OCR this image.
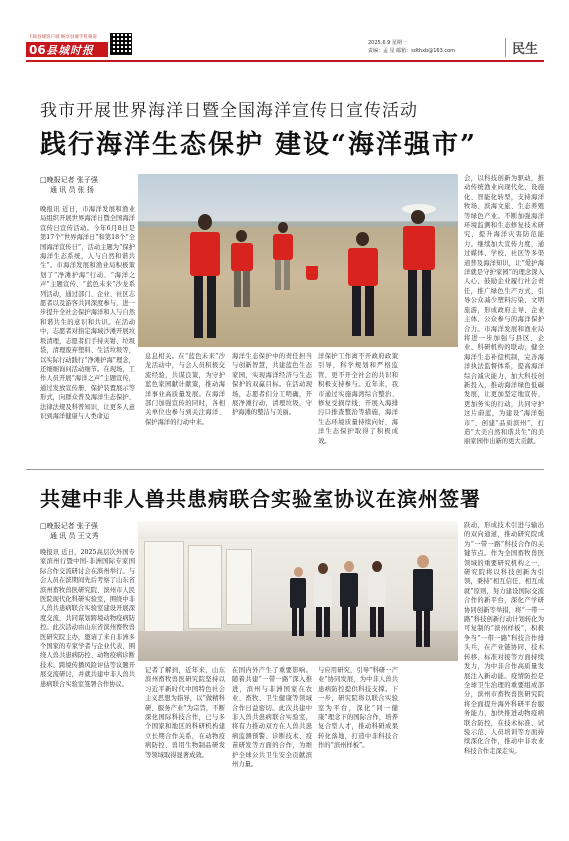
下载县城客户端 畅享县城手机频道
06 县城时报
2025.6.9 星期一
责编：孟 星 邮箱：sdthxb@163.com	民生
我市开展世界海洋日暨全国海洋宣传日宣传活动
践行海洋生态保护 建设“海洋强市”
□晚报记者 张子强
通 讯 员 张 扬
晚报讯 近日，市海洋发展和渔业局组织开展世界海洋日暨全国海洋宣传日宣传活动。今年6月8日是第17个“世界海洋日”和第18个“全国海洋宣传日”，活动主题为“保护海洋生态系统，人与自然和谐共生”。市海洋发展和渔业局积极策划了“净滩护海”行动、“海洋之声”主题宣传、“蓝色未来”沙龙系列活动，通过部门、企业、社区志愿者以及游客共同深度参与，进一步提升全社会保护海洋和人与自然和谐共生的意识和共识。在活动中，志愿者对指定海域沙滩开展垃圾清理，志愿者们手持夹钳、垃圾袋，清理废弃塑料、生活垃圾等，以实际行动践行“净滩护海”理念，还细细询问活动细节。在现场，工作人员开展“海洋之声”主题宣传，通过发放宣传册、保护装置展示等形式，向群众普及海洋生态保护、法律法规及科普知识，让更多人意识到海洋健康与人类命运
息息相关。在“蓝色未来”沙龙活动中，与会人员积极交流经验，共谋良策，为守护蓝色家园献计献策，推动海洋事业高质量发展。在海洋部门加强宣传的同时，各相关单位也参与到关注海洋、保护海洋的行动中来。
海洋生态保护中的责任担当与创新智慧，共建蓝色生态家园，实现海洋经济与生态保护的双赢目标。在活动现场，志愿者们分工明确，开展净滩行动，清理垃圾，守护海滩的整洁与美丽。
洋保护工作离不开政府政策引导，科学规划和严格监管，更不开全社会的共识和积极支持参与。近年来，我市通过实施海湾综合整治、修复受损岸线、开展入海排污口排查整治等措施，海洋生态环境质量持续向好，海洋生态保护取得了积极成效。
会，以科技创新为驱动，推动传统渔业向现代化、设施化、智能化转型，支持海洋牧场、滨海文旅、生态养殖等绿色产业。不断加强海洋环境监测和生态修复技术研究，提升海洋灾害防范能力。继续加大宣传力度，通过媒体、学校、社区等多渠道普及海洋知识，让“爱护海洋就是守护家园”的理念深入人心，鼓励企业履行社会责任，推广绿色生产方式，引导公众减少塑料污染、文明旅游，形成政府主导、企业主体、公众参与的海洋保护合力。市海洋发展和渔业局将进一步加强与县区、企业、科研机构的联动，健全海洋生态补偿机制，完善海洋执法监督体系，提高海洋综合减灾能力，加大科技创新投入，推动海洋绿色低碳发展，让更加坚定地宣传、更加务实的行动，共同守护这片蔚蓝，为建设“海洋强市”、创建“品质滨州”，打造“大美自然和谐共生”的美丽家园作出新的更大贡献。
共建中非人兽共患病联合实验室协议在滨州签署
□晚报记者 张子强
通 讯 员 王文秀
晚报讯 近日，2025高层次外国专家滨州行暨中国-非洲国际专家国际合作交流研讨会在滨州举行。与会人员在滨期间先后考察了山东省滨州畜牧兽医研究院、滨州市人民医院现代化科研实验室，围绕中非人兽共患病联合实验室建设开展深度交流，共同谋划跨境动物疫病防控。此次活动由山东省滨州畜牧兽医研究院主办，邀请了来自非洲多个国家的专家学者与企业代表，围绕人兽共患病防控、动物疫病诊断技术、跨境传播风险评估等议题开展交流研讨，并就共建中非人兽共患病联合实验室签署合作协议。
记者了解到，近年来，山东滨州畜牧兽医研究院坚持以习近平新时代中国特色社会主义思想为指导，以“做精科研、服务产业”为宗旨，不断深化国际科技合作，已与多个国家和地区的科研机构建立长期合作关系，在动物疫病防控、兽用生物制品研发等领域取得显著成效。
在国内外产生了重要影响。随着共建“一带一路”深入推进，滨州与非洲国家在农业、畜牧、卫生健康等领域合作日益密切。此次共建中非人兽共患病联合实验室，将有力推动双方在人兽共患病监测预警、诊断技术、疫苗研发等方面的合作，为维护全球公共卫生安全贡献滨州力量。
与应用研究，引导“科研一产业”协同发展，为中非人兽共患病防控提供科技支撑。下一步，研究院将以联合实验室为平台，深化“同一健康”理念下的国际合作，培养复合型人才，推动科研成果转化落地，打造中非科技合作的“滨州样板”。
跃动，形成技术引进与输出的双向通道，推动研究院成为“一带一路”科技合作的关键节点。作为全国畜牧兽医领域的重要研究机构之一，研究院将以科技创新为引领，秉持“相互信任、相互成就”原则，努力建设国际交流合作的新平台，深化产学研协同创新等举措，将“一带一路”科技创新行动计划转化为可复制的“滨州样板”，积极争当“一带一路”科技合作排头兵，在产业链协同、技术转移、标准对接等方面持续发力，为中非合作高质量发展注入新动能。疫情防控是全球卫生治理的重要组成部分，滨州市畜牧兽医研究院将全面提升海外科研平台服务能力，加快推进动物疫病联合防控，在技术标准、试验示范、人员培训等方面持续深化合作，推动中非农业科技合作走深走实。
